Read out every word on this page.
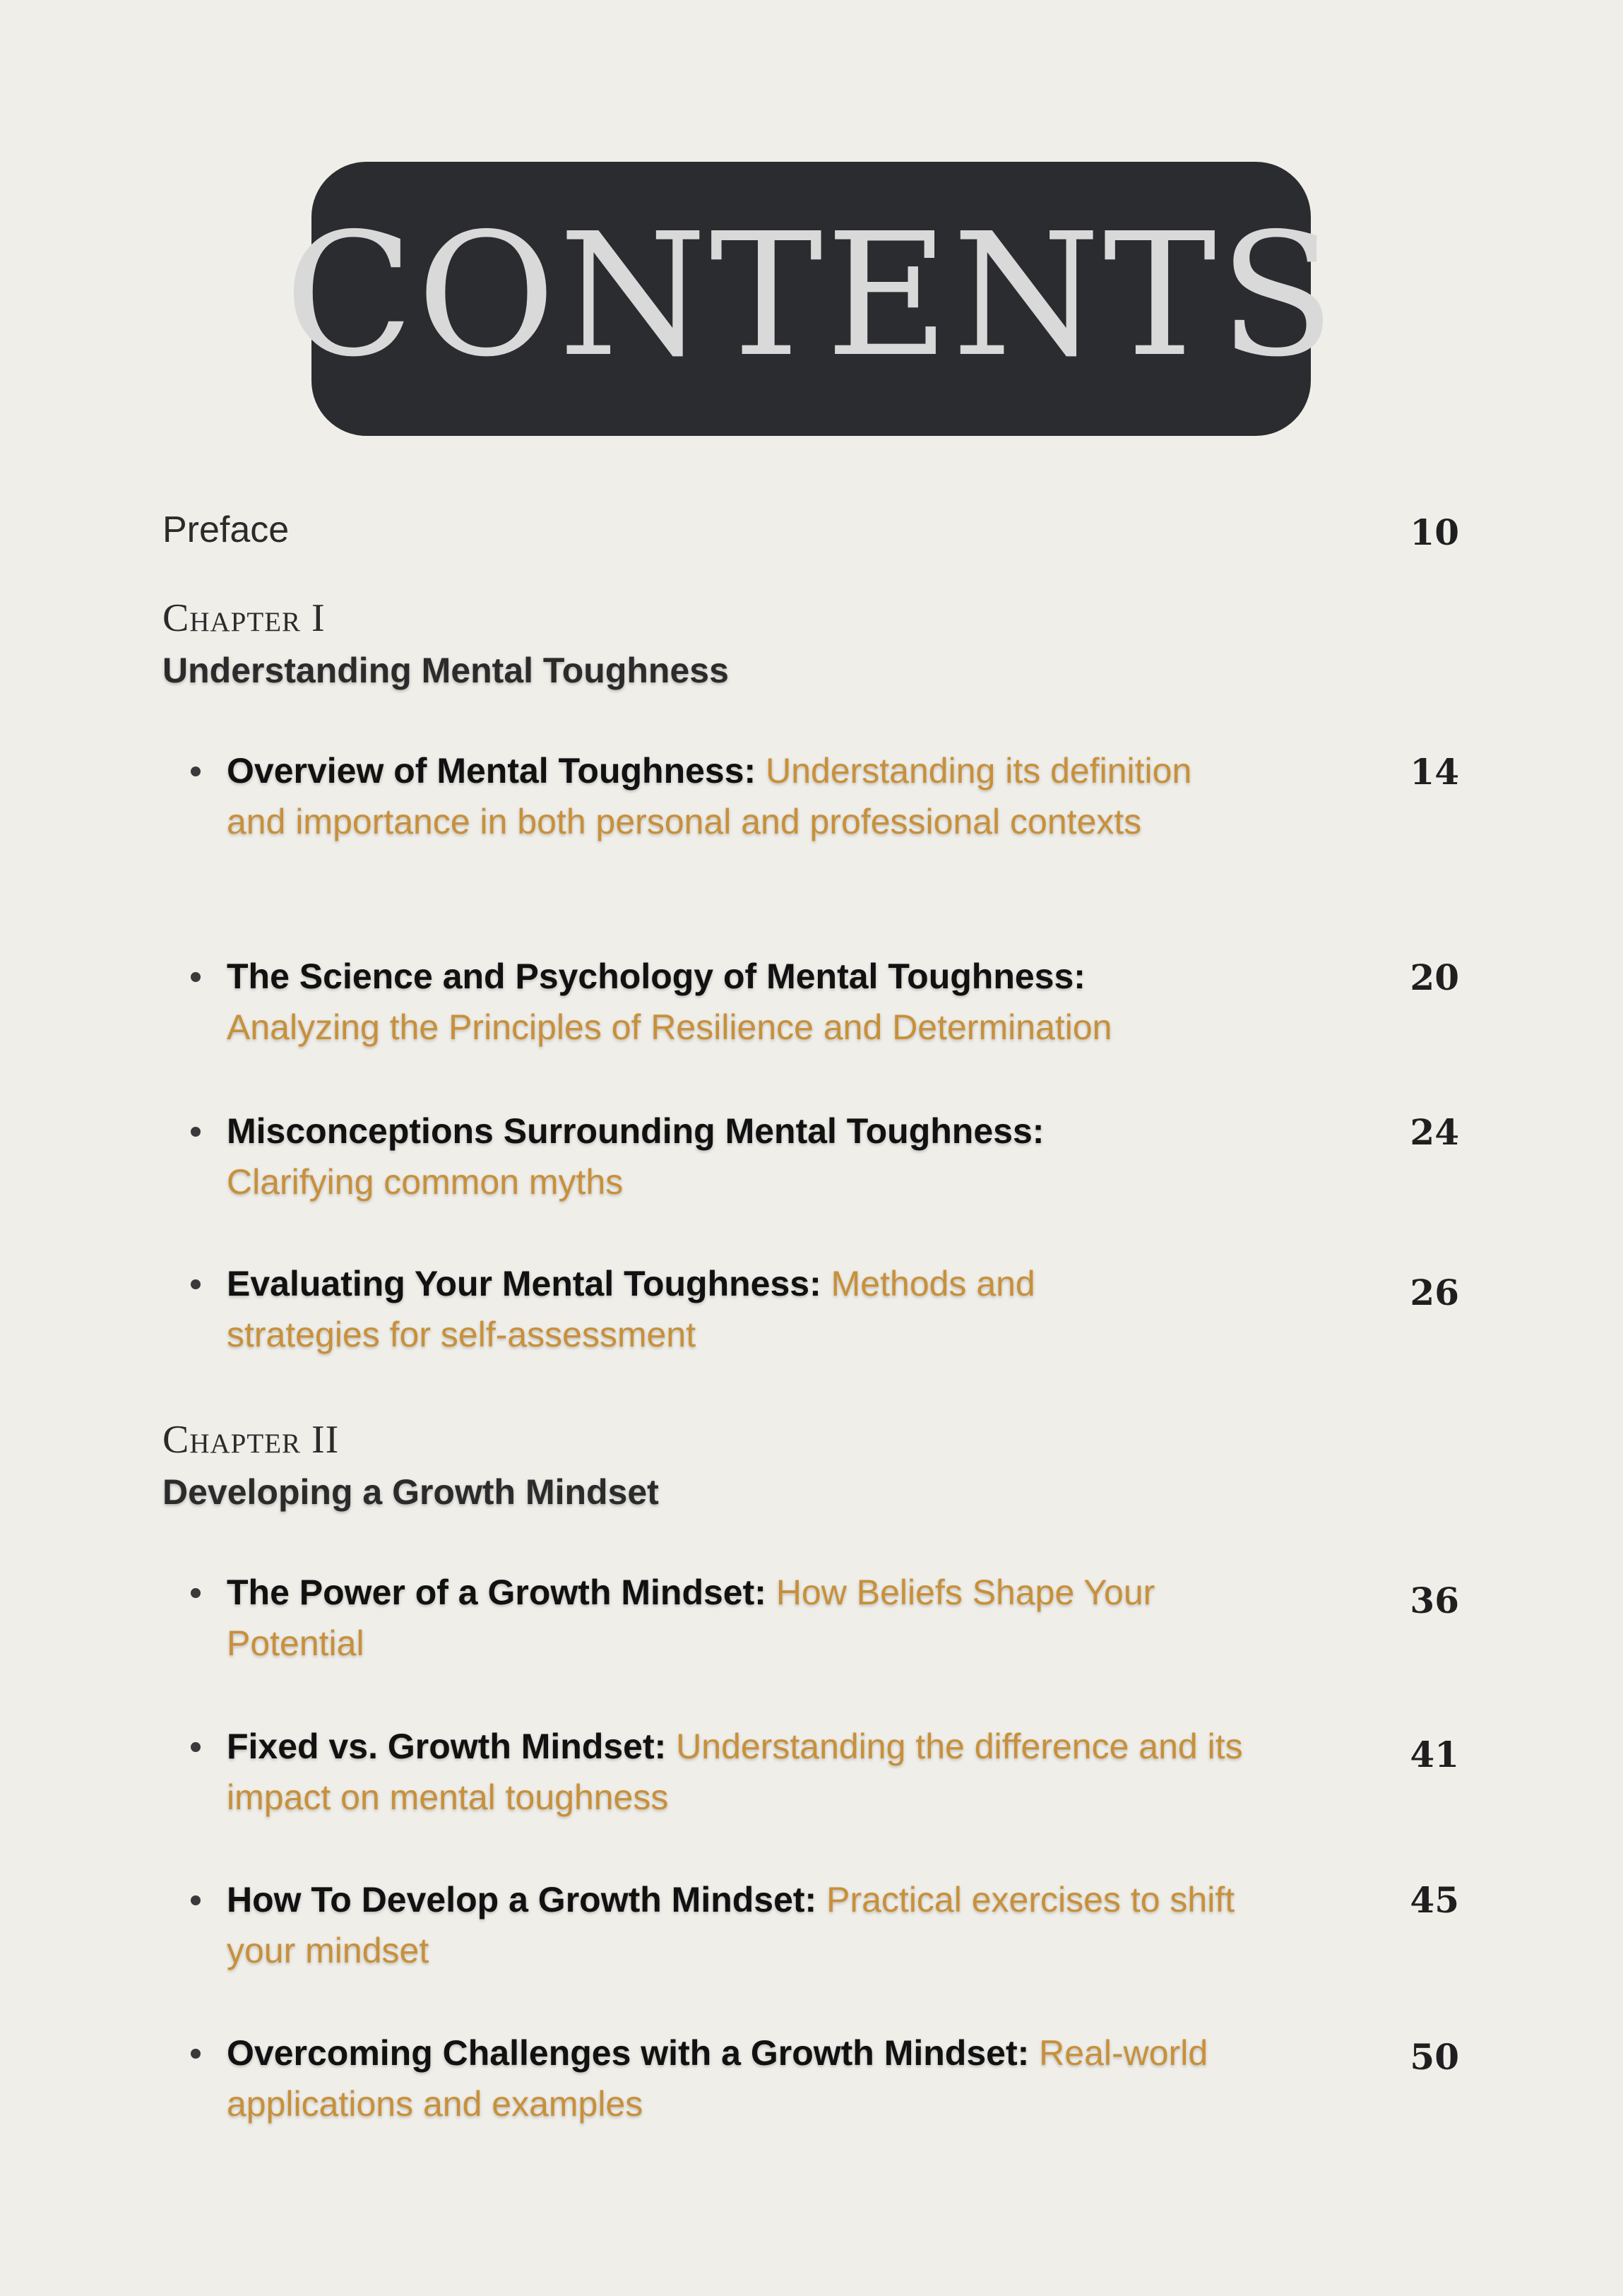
CONTENTS
Preface	10
Chapter I
Understanding Mental Toughness
Overview of Mental Toughness: Understanding its definition and importance in both personal and professional contexts
14
The Science and Psychology of Mental Toughness: Analyzing the Principles of Resilience and Determination
20
Misconceptions Surrounding Mental Toughness: Clarifying common myths
24
Evaluating Your Mental Toughness: Methods and strategies for self-assessment
26
Chapter II
Developing a Growth Mindset
The Power of a Growth Mindset: How Beliefs Shape Your Potential
36
Fixed vs. Growth Mindset: Understanding the difference and its impact on mental toughness
41
How To Develop a Growth Mindset: Practical exercises to shift your mindset
45
Overcoming Challenges with a Growth Mindset: Real-world applications and examples
50
